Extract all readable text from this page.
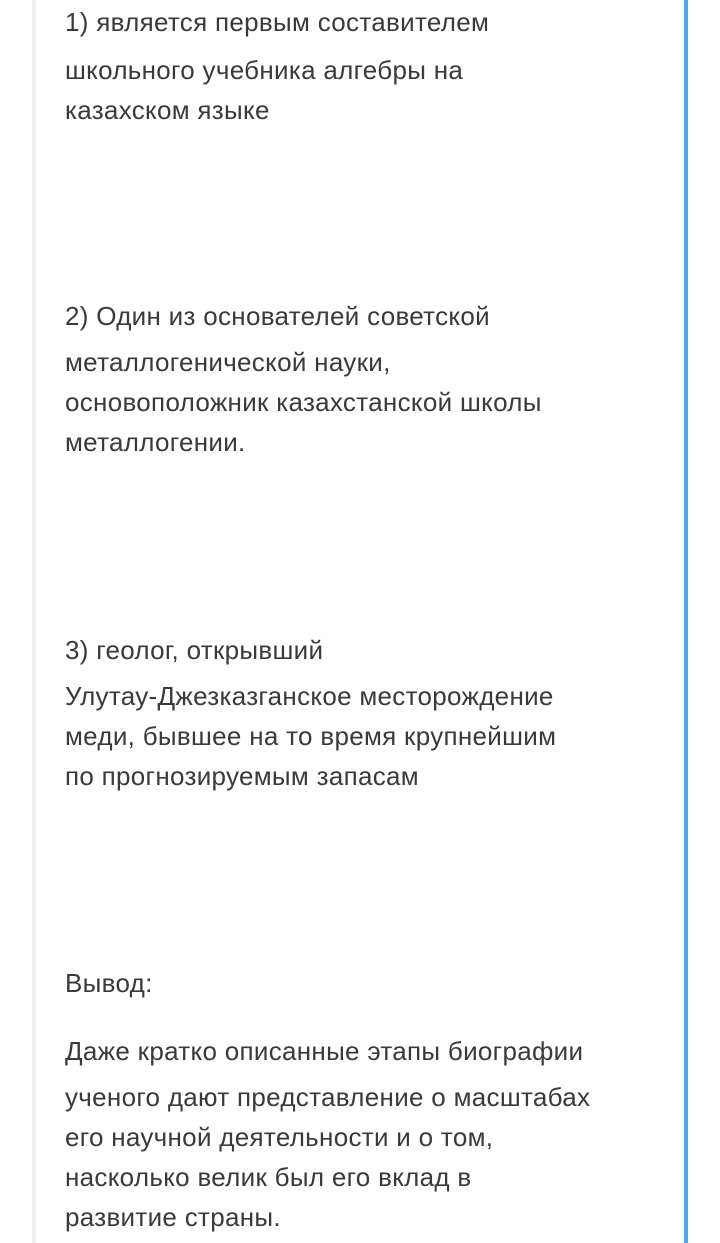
1) является первым составителем
школьного учебника алгебры на
казахском языке
2) Один из основателей советской
металлогенической науки,
основоположник казахстанской школы
металлогении.
3) геолог, открывший
Улутау-Джезказганское месторождение
меди, бывшее на то время крупнейшим
по прогнозируемым запасам
Вывод:
Даже кратко описанные этапы биографии
ученого дают представление о масштабах
его научной деятельности и о том,
насколько велик был его вклад в
развитие страны.
